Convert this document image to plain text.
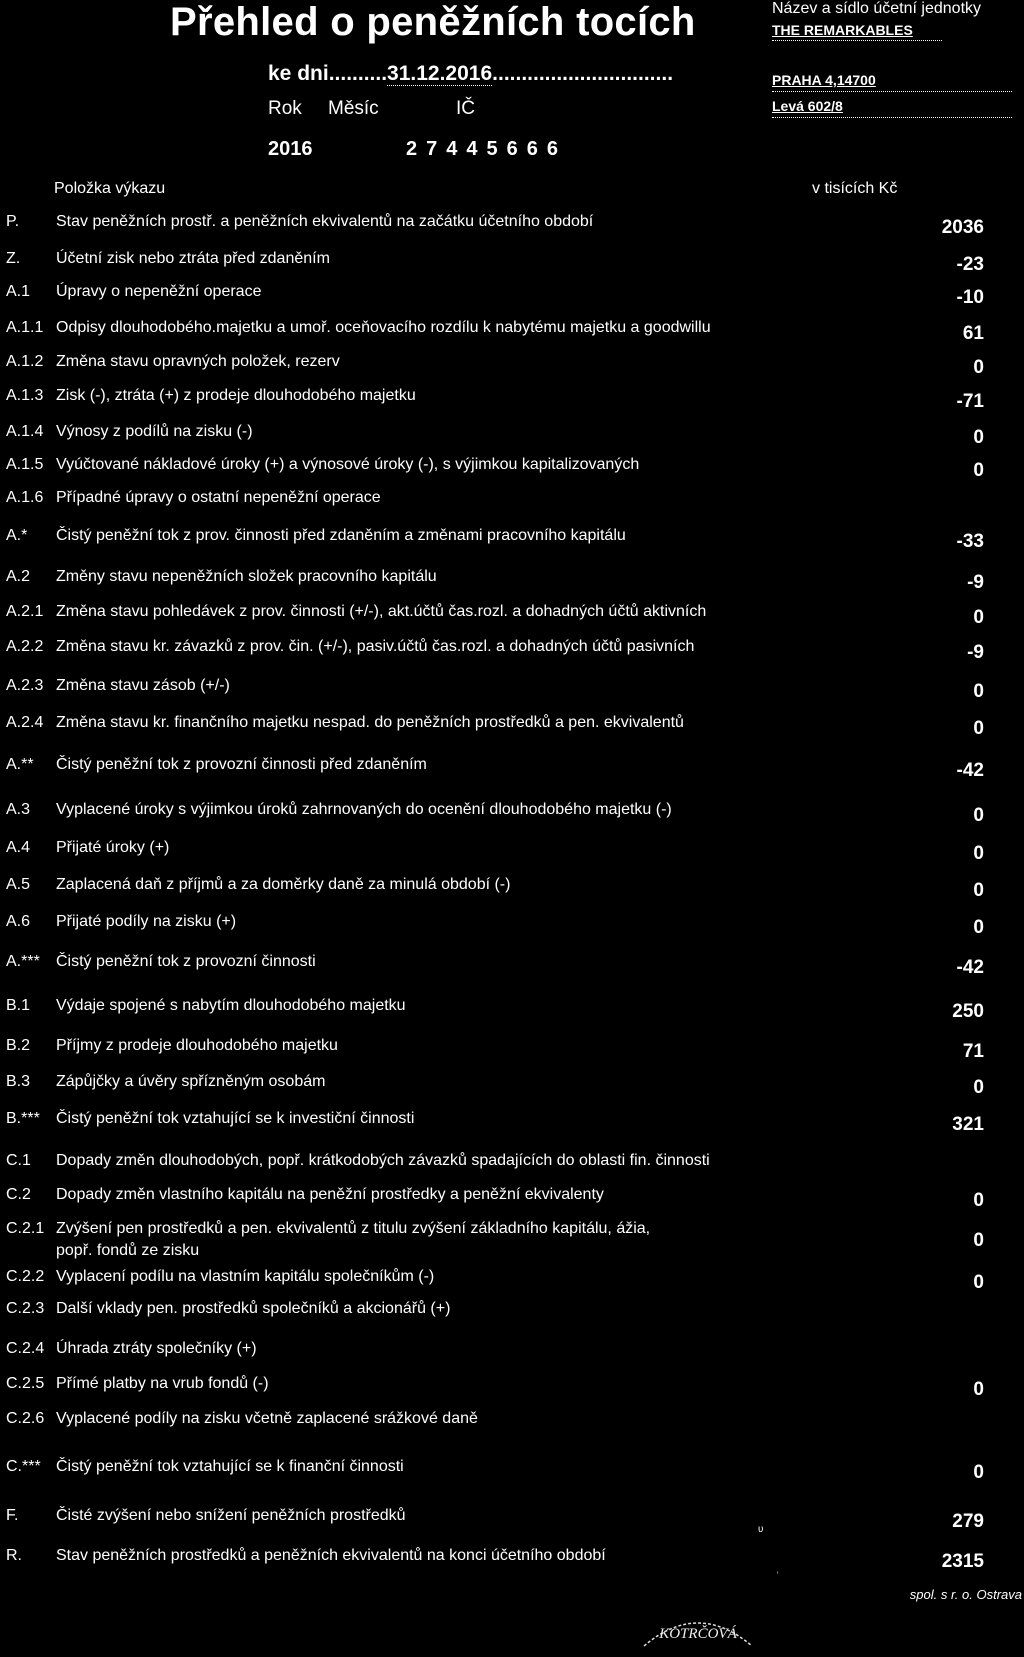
Přehled o peněžních tocích
ke dni..........31.12.2016...............................
Rok Měsíc	IČ
2016	27445666
Název a sídlo účetní jednotky
THE REMARKABLES
PRAHA 4,14700
Levá 602/8
Položka výkazu	v tisících Kč
P. Stav peněžních prostř. a peněžních ekvivalentů na začátku účetního období	2036
Z. Účetní zisk nebo ztráta před zdaněním	-23
A.1 Úpravy o nepeněžní operace	-10
A.1.1 Odpisy dlouhodobého.majetku a umoř. oceňovacího rozdílu k nabytému majetku a goodwillu	61
A.1.2 Změna stavu opravných položek, rezerv	0
A.1.3 Zisk (-), ztráta (+) z prodeje dlouhodobého majetku	-71
A.1.4 Výnosy z podílů na zisku (-)	0
A.1.5 Vyúčtované nákladové úroky (+) a výnosové úroky (-), s výjimkou kapitalizovaných	0
A.1.6 Případné úpravy o ostatní nepeněžní operace
A.* Čistý peněžní tok z prov. činnosti před zdaněním a změnami pracovního kapitálu	-33
A.2 Změny stavu nepeněžních složek pracovního kapitálu	-9
A.2.1 Změna stavu pohledávek z prov. činnosti (+/-), akt.účtů čas.rozl. a dohadných účtů aktivních	0
A.2.2 Změna stavu kr. závazků z prov. čin. (+/-), pasiv.účtů čas.rozl. a dohadných účtů pasivních	-9
A.2.3 Změna stavu zásob (+/-)	0
A.2.4 Změna stavu kr. finančního majetku nespad. do peněžních prostředků a pen. ekvivalentů	0
A.** Čistý peněžní tok z provozní činnosti před zdaněním	-42
A.3 Vyplacené úroky s výjimkou úroků zahrnovaných do ocenění dlouhodobého majetku (-)	0
A.4 Přijaté úroky (+)	0
A.5 Zaplacená daň z příjmů a za doměrky daně za minulá období (-)	0
A.6 Přijaté podíly na zisku (+)	0
A.*** Čistý peněžní tok z provozní činnosti	-42
B.1 Výdaje spojené s nabytím dlouhodobého majetku	250
B.2 Příjmy z prodeje dlouhodobého majetku	71
B.3 Zápůjčky a úvěry spřízněným osobám	0
B.*** Čistý peněžní tok vztahující se k investiční činnosti	321
C.1 Dopady změn dlouhodobých, popř. krátkodobých závazků spadajících do oblasti fin. činnosti
C.2 Dopady změn vlastního kapitálu na peněžní prostředky a peněžní ekvivalenty	0
C.2.1 Zvýšení pen prostředků a pen. ekvivalentů z titulu zvýšení základního kapitálu, ážia,
popř. fondů ze zisku	0
C.2.2 Vyplacení podílu na vlastním kapitálu společníkům (-)	0
C.2.3 Další vklady pen. prostředků společníků a akcionářů (+)
C.2.4 Úhrada ztráty společníky (+)
C.2.5 Přímé platby na vrub fondů (-)	0
C.2.6 Vyplacené podíly na zisku včetně zaplacené srážkové daně
C.*** Čistý peněžní tok vztahující se k finanční činnosti	0
F. Čisté zvýšení nebo snížení peněžních prostředků	279
R. Stav peněžních prostředků a peněžních ekvivalentů na konci účetního období	2315
ʋ
˒
spol. s r. o. Ostrava
KOTRČOVÁ
